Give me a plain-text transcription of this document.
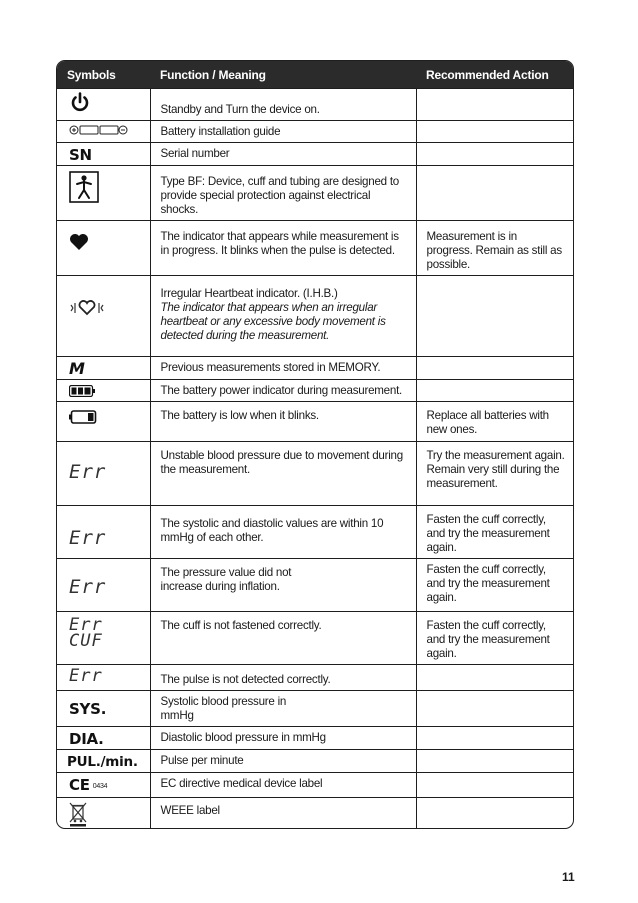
Symbols	Function / Meaning	Recommended Action
	Standby and Turn the device on.	
	Battery installation guide	

SN	Serial number	
	Type BF: Device, cuff and tubing are designed to provide special protection against electrical shocks.	
	The indicator that appears while measurement is in progress. It blinks when the pulse is detected.	Measurement is in progress. Remain as still as possible.
	Irregular Heartbeat indicator. (I.H.B.)
The indicator that appears when an irregular heartbeat or any excessive body movement is detected during the measurement.	

M	Previous measurements stored in MEMORY.	
	The battery power indicator during measurement.	
	The battery is low when it blinks.	Replace all batteries with new ones.

Err	Unstable blood pressure due to movement during the measurement.	Try the measurement again. Remain very still during the measurement.

Err	The systolic and diastolic values are within 10 mmHg of each other.	Fasten the cuff correctly, and try the measurement again.

Err	The pressure value did not increase during inflation.	Fasten the cuff correctly, and try the measurement again.

Err
CUF	The cuff is not fastened correctly.	Fasten the cuff correctly, and try the measurement again.

Err	The pulse is not detected correctly.	

SYS.	Systolic blood pressure in mmHg	

DIA.	Diastolic blood pressure in mmHg	

PUL./min.	Pulse per minute	

CE 0434	EC directive medical device label	
	WEEE label	
11
